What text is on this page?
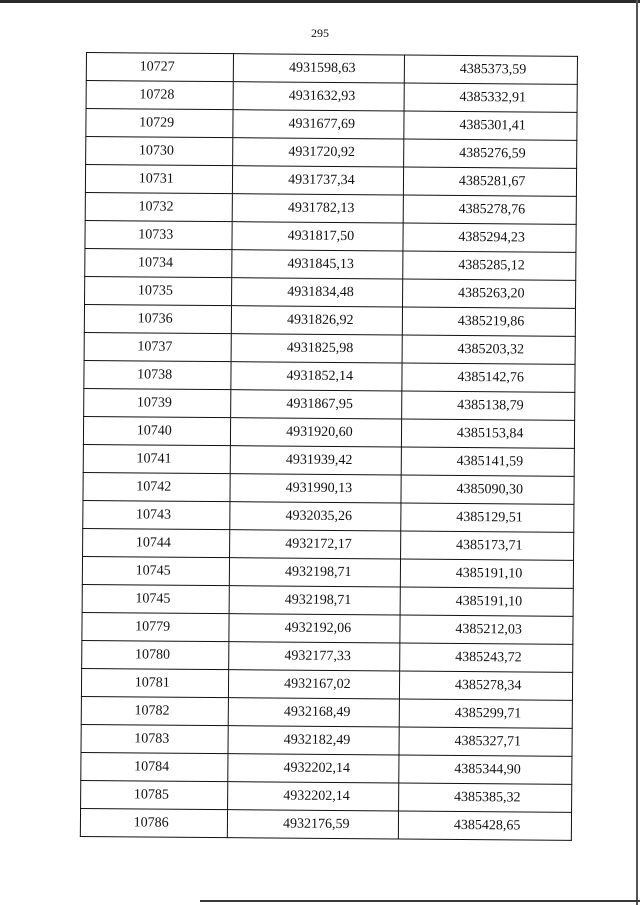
295
10727	4931598,63	4385373,59
10728	4931632,93	4385332,91
10729	4931677,69	4385301,41
10730	4931720,92	4385276,59
10731	4931737,34	4385281,67
10732	4931782,13	4385278,76
10733	4931817,50	4385294,23
10734	4931845,13	4385285,12
10735	4931834,48	4385263,20
10736	4931826,92	4385219,86
10737	4931825,98	4385203,32
10738	4931852,14	4385142,76
10739	4931867,95	4385138,79
10740	4931920,60	4385153,84
10741	4931939,42	4385141,59
10742	4931990,13	4385090,30
10743	4932035,26	4385129,51
10744	4932172,17	4385173,71
10745	4932198,71	4385191,10
10745	4932198,71	4385191,10
10779	4932192,06	4385212,03
10780	4932177,33	4385243,72
10781	4932167,02	4385278,34
10782	4932168,49	4385299,71
10783	4932182,49	4385327,71
10784	4932202,14	4385344,90
10785	4932202,14	4385385,32
10786	4932176,59	4385428,65
